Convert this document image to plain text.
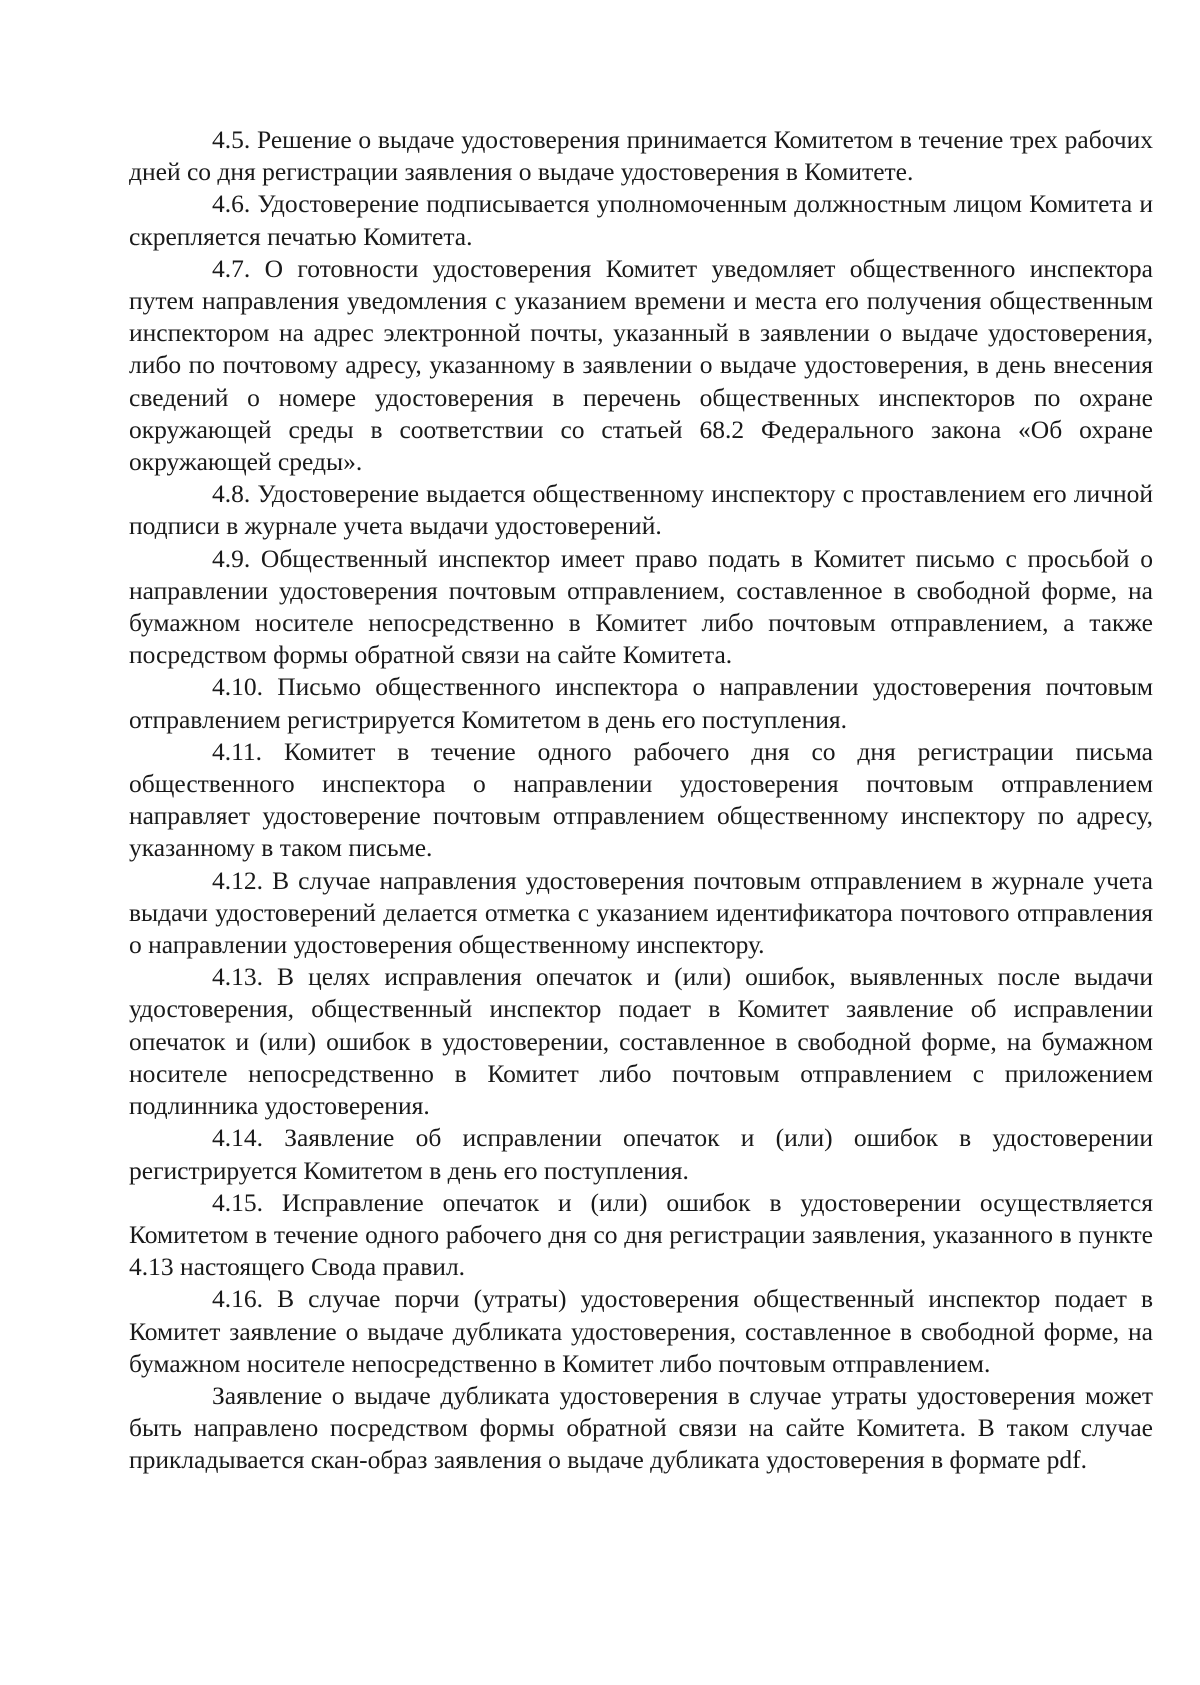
4.5. Решение о выдаче удостоверения принимается Комитетом в течение трех рабочих дней со дня регистрации заявления о выдаче удостоверения в Комитете.

4.6. Удостоверение подписывается уполномоченным должностным лицом Комитета и скрепляется печатью Комитета.

4.7. О готовности удостоверения Комитет уведомляет общественного инспектора путем направления уведомления с указанием времени и места его получения общественным инспектором на адрес электронной почты, указанный в заявлении о выдаче удостоверения, либо по почтовому адресу, указанному в заявлении о выдаче удостоверения, в день внесения сведений о номере удостоверения в перечень общественных инспекторов по охране окружающей среды в соответствии со статьей 68.2 Федерального закона «Об охране окружающей среды».

4.8. Удостоверение выдается общественному инспектору с проставлением его личной подписи в журнале учета выдачи удостоверений.

4.9. Общественный инспектор имеет право подать в Комитет письмо с просьбой о направлении удостоверения почтовым отправлением, составленное в свободной форме, на бумажном носителе непосредственно в Комитет либо почтовым отправлением, а также посредством формы обратной связи на сайте Комитета.

4.10. Письмо общественного инспектора о направлении удостоверения почтовым отправлением регистрируется Комитетом в день его поступления.

4.11. Комитет в течение одного рабочего дня со дня регистрации письма общественного инспектора о направлении удостоверения почтовым отправлением направляет удостоверение почтовым отправлением общественному инспектору по адресу, указанному в таком письме.

4.12. В случае направления удостоверения почтовым отправлением в журнале учета выдачи удостоверений делается отметка с указанием идентификатора почтового отправления о направлении удостоверения общественному инспектору.

4.13. В целях исправления опечаток и (или) ошибок, выявленных после выдачи удостоверения, общественный инспектор подает в Комитет заявление об исправлении опечаток и (или) ошибок в удостоверении, составленное в свободной форме, на бумажном носителе непосредственно в Комитет либо почтовым отправлением с приложением подлинника удостоверения.

4.14. Заявление об исправлении опечаток и (или) ошибок в удостоверении регистрируется Комитетом в день его поступления.

4.15. Исправление опечаток и (или) ошибок в удостоверении осуществляется Комитетом в течение одного рабочего дня со дня регистрации заявления, указанного в пункте 4.13 настоящего Свода правил.

4.16. В случае порчи (утраты) удостоверения общественный инспектор подает в Комитет заявление о выдаче дубликата удостоверения, составленное в свободной форме, на бумажном носителе непосредственно в Комитет либо почтовым отправлением.

Заявление о выдаче дубликата удостоверения в случае утраты удостоверения может быть направлено посредством формы обратной связи на сайте Комитета. В таком случае прикладывается скан-образ заявления о выдаче дубликата удостоверения в формате pdf.
